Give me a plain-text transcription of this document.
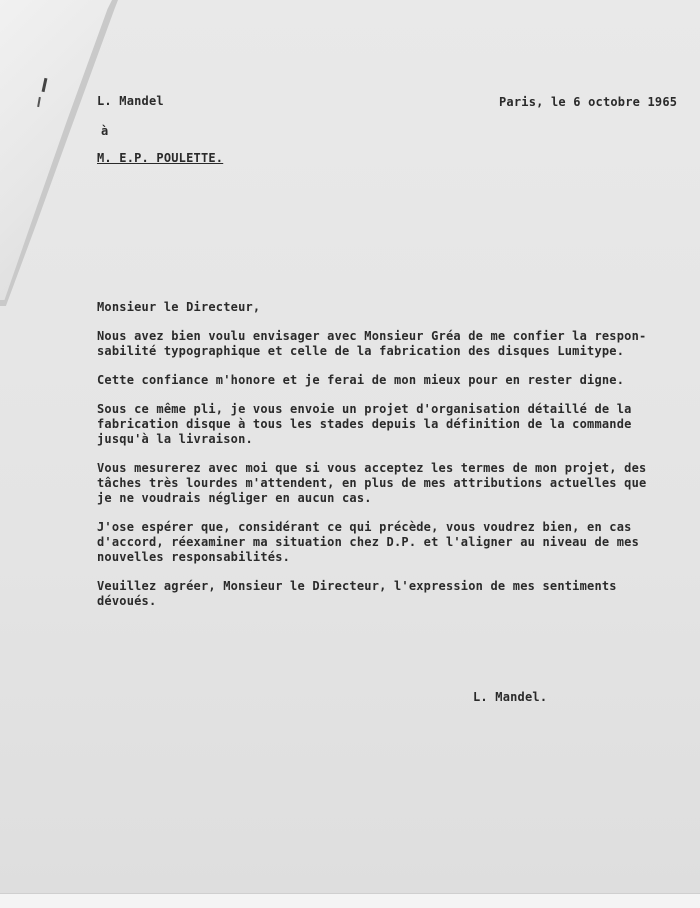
L. Mandel	Paris, le 6 octobre 1965
à
M. E.P. POULETTE.

Monsieur le Directeur,

Nous avez bien voulu envisager avec Monsieur Gréa de me confier la respon-
sabilité typographique et celle de la fabrication des disques Lumitype.

Cette confiance m'honore et je ferai de mon mieux pour en rester digne.

Sous ce même pli, je vous envoie un projet d'organisation détaillé de la
fabrication disque à tous les stades depuis la définition de la commande
jusqu'à la livraison.

Vous mesurerez avec moi que si vous acceptez les termes de mon projet, des
tâches très lourdes m'attendent, en plus de mes attributions actuelles que
je ne voudrais négliger en aucun cas.

J'ose espérer que, considérant ce qui précède, vous voudrez bien, en cas
d'accord, réexaminer ma situation chez D.P. et l'aligner au niveau de mes
nouvelles responsabilités.

Veuillez agréer, Monsieur le Directeur, l'expression de mes sentiments
dévoués.

L. Mandel.
